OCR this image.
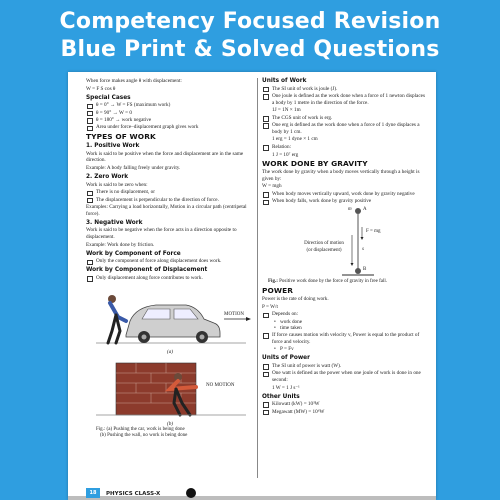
Competency Focused Revision
Blue Print & Solved Questions
When force makes angle θ with displacement:
W = F S cos θ
Special Cases
θ = 0° → W = FS (maximum work)
θ = 90° → W = 0
θ = 180° → work negative
Area under force–displacement graph gives work
TYPES OF WORK
1. Positive Work
Work is said to be positive when the force and displacement are in the same direction.
Example: A body falling freely under gravity.
2. Zero Work
Work is said to be zero when:
There is no displacement, or
The displacement is perpendicular to the direction of force.
Examples: Carrying a load horizontally, Motion in a circular path (centripetal force).
3. Negative Work
Work is said to be negative when the force acts in a direction opposite to displacement.
Example: Work done by friction.
Work by Component of Force
Only the component of force along displacement does work.
Work by Component of Displacement
Only displacement along force contributes to work.
MOTION
(a)
NO MOTION
(b)
Fig.: (a) Pushing the car, work is being done
(b) Pushing the wall, no work is being done
Units of Work
The SI unit of work is joule (J).
One joule is defined as the work done when a force of 1 newton displaces a body by 1 metre in the direction of the force.
1J = 1N × 1m
The CGS unit of work is erg.
One erg is defined as the work done when a force of 1 dyne displaces a body by 1 cm.
1 erg = 1 dyne × 1 cm
Relation:
1 J = 10⁷ erg
WORK DONE BY GRAVITY
The work done by gravity when a body moves vertically through a height is given by:
W = mgh
When body moves vertically upward, work done by gravity negative
When body falls, work done by gravity positive
m A
F = mg
s
B
Direction of motion
(or displacement)
Fig.: Positive work done by the force of gravity in free fall.
POWER
Power is the rate of doing work.
P = W/t
Depends on:
• work done
• time taken
If force causes motion with velocity v, Power is equal to the product of force and velocity.
• P = Fv
Units of Power
The SI unit of power is watt (W).
One watt is defined as the power when one joule of work is done in one second:
1 W = 1 J s⁻¹
Other Units
Kilowatt (kW) = 10³W
Megawatt (MW) = 10⁶W
18	PHYSICS CLASS-X
